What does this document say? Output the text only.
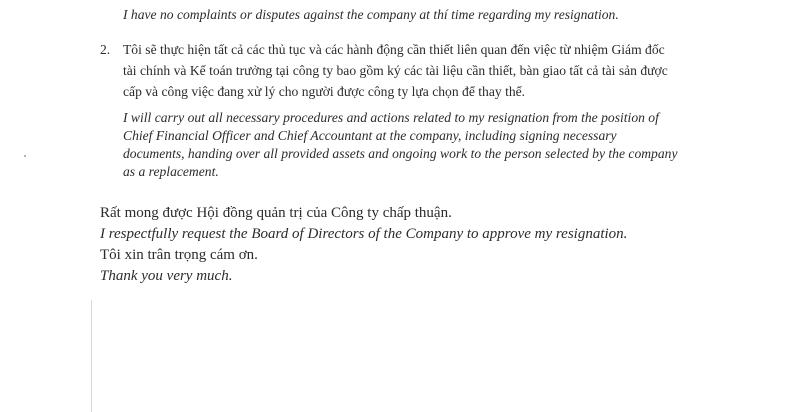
I have no complaints or disputes against the company at thí time regarding my resignation.
2. Tôi sẽ thực hiện tất cả các thủ tục và các hành động cần thiết liên quan đến việc từ nhiệm Giám đốc
tài chính và Kế toán trưởng tại công ty bao gồm ký các tài liệu cần thiết, bàn giao tất cả tài sản được
cấp và công việc đang xử lý cho người được công ty lựa chọn để thay thế.
I will carry out all necessary procedures and actions related to my resignation from the position of
Chief Financial Officer and Chief Accountant at the company, including signing necessary
documents, handing over all provided assets and ongoing work to the person selected by the company
as a replacement.
Rất mong được Hội đồng quản trị của Công ty chấp thuận.
I respectfully request the Board of Directors of the Company to approve my resignation.
Tôi xin trân trọng cám ơn.
Thank you very much.
